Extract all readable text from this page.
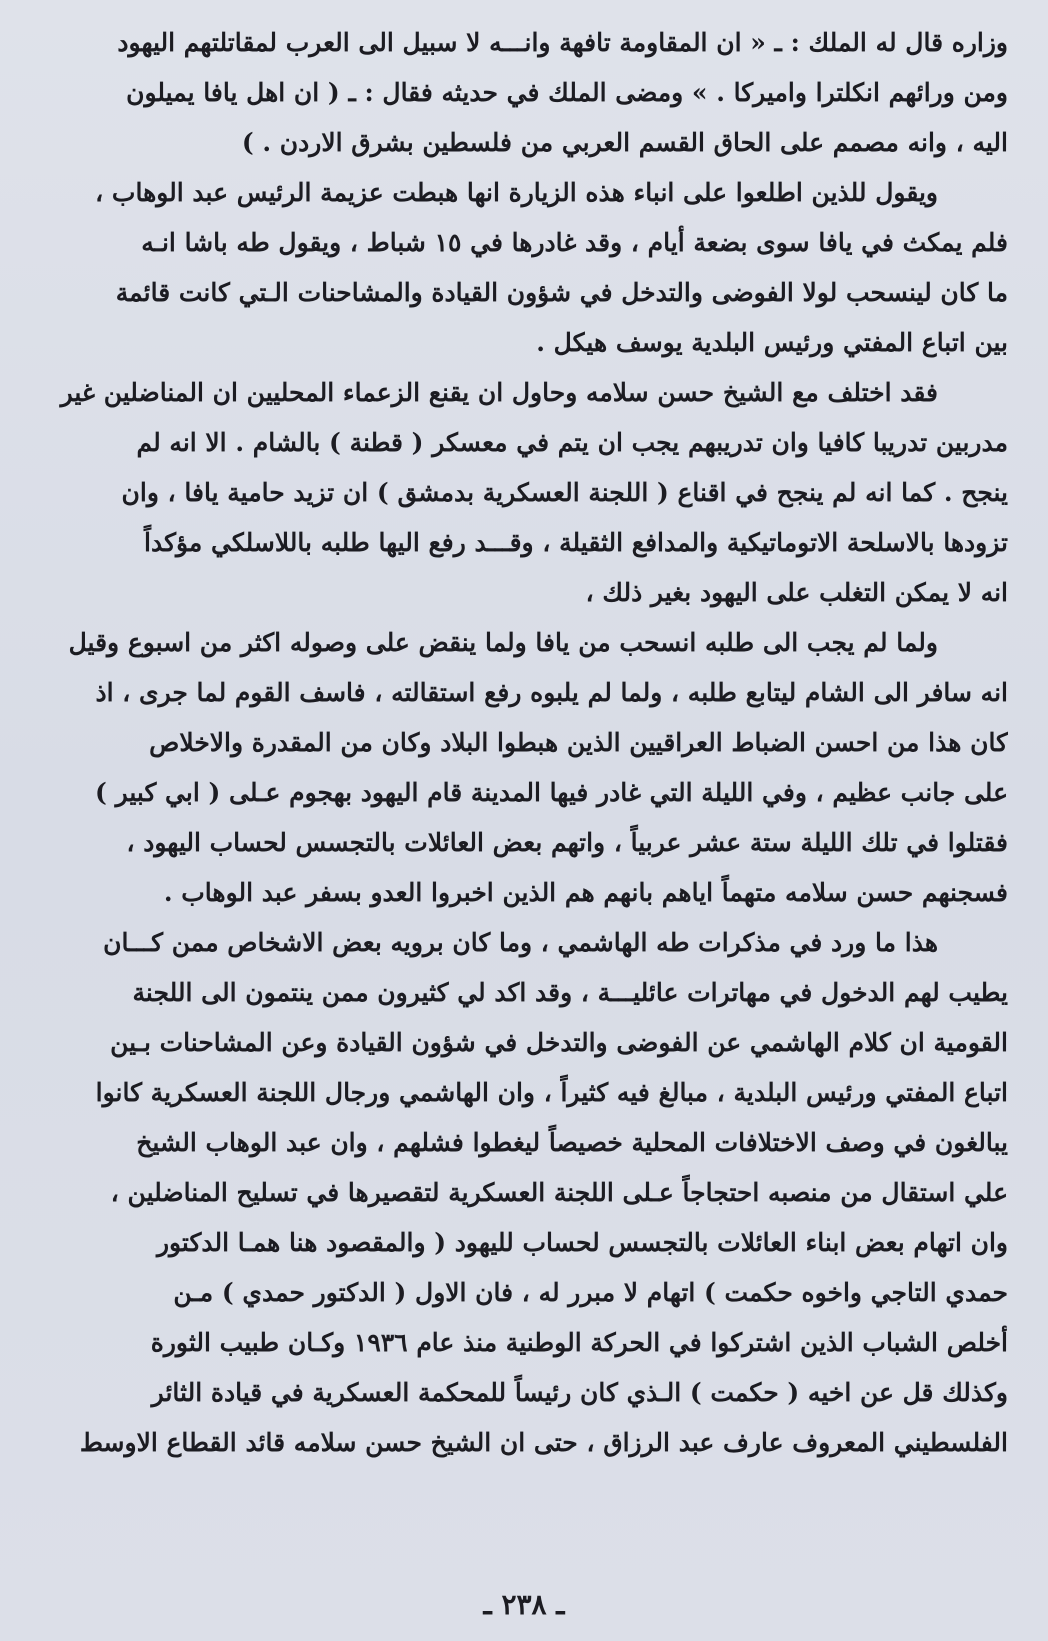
وزاره قال له الملك : ـ « ان المقاومة تافهة وانـــه لا سبيل الى العرب لمقاتلتهم اليهود
ومن ورائهم انكلترا واميركا . » ومضى الملك في حديثه فقال : ـ ( ان اهل يافا يميلون
اليه ، وانه مصمم على الحاق القسم العربي من فلسطين بشرق الاردن . )
ويقول للذين اطلعوا على انباء هذه الزيارة انها هبطت عزيمة الرئيس عبد الوهاب ،
فلم يمكث في يافا سوى بضعة أيام ، وقد غادرها في ١٥ شباط ، ويقول طه باشا انـه
ما كان لينسحب لولا الفوضى والتدخل في شؤون القيادة والمشاحنات الـتي كانت قائمة
بين اتباع المفتي ورئيس البلدية يوسف هيكل .
فقد اختلف مع الشيخ حسن سلامه وحاول ان يقنع الزعماء المحليين ان المناضلين غير
مدربين تدريبا كافيا وان تدريبهم يجب ان يتم في معسكر ( قطنة ) بالشام . الا انه لم
ينجح . كما انه لم ينجح في اقناع ( اللجنة العسكرية بدمشق ) ان تزيد حامية يافا ، وان
تزودها بالاسلحة الاتوماتيكية والمدافع الثقيلة ، وقـــد رفع اليها طلبه باللاسلكي مؤكداً
انه لا يمكن التغلب على اليهود بغير ذلك ،
ولما لم يجب الى طلبه انسحب من يافا ولما ينقض على وصوله اكثر من اسبوع وقيل
انه سافر الى الشام ليتابع طلبه ، ولما لم يلبوه رفع استقالته ، فاسف القوم لما جرى ، اذ
كان هذا من احسن الضباط العراقيين الذين هبطوا البلاد وكان من المقدرة والاخلاص
على جانب عظيم ، وفي الليلة التي غادر فيها المدينة قام اليهود بهجوم عـلى ( ابي كبير )
فقتلوا في تلك الليلة ستة عشر عربياً ، واتهم بعض العائلات بالتجسس لحساب اليهود ،
فسجنهم حسن سلامه متهماً اياهم بانهم هم الذين اخبروا العدو بسفر عبد الوهاب .
هذا ما ورد في مذكرات طه الهاشمي ، وما كان برويه بعض الاشخاص ممن كـــان
يطيب لهم الدخول في مهاترات عائليـــة ، وقد اكد لي كثيرون ممن ينتمون الى اللجنة
القومية ان كلام الهاشمي عن الفوضى والتدخل في شؤون القيادة وعن المشاحنات بـين
اتباع المفتي ورئيس البلدية ، مبالغ فيه كثيراً ، وان الهاشمي ورجال اللجنة العسكرية كانوا
يبالغون في وصف الاختلافات المحلية خصيصاً ليغطوا فشلهم ، وان عبد الوهاب الشيخ
علي استقال من منصبه احتجاجاً عـلى اللجنة العسكرية لتقصيرها في تسليح المناضلين ،
وان اتهام بعض ابناء العائلات بالتجسس لحساب لليهود ( والمقصود هنا همـا الدكتور
حمدي التاجي واخوه حكمت ) اتهام لا مبرر له ، فان الاول ( الدكتور حمدي ) مـن
أخلص الشباب الذين اشتركوا في الحركة الوطنية منذ عام ١٩٣٦ وكـان طبيب الثورة
وكذلك قل عن اخيه ( حكمت ) الـذي كان رئيساً للمحكمة العسكرية في قيادة الثائر
الفلسطيني المعروف عارف عبد الرزاق ، حتى ان الشيخ حسن سلامه قائد القطاع الاوسط
ـ ٢٣٨ ـ
